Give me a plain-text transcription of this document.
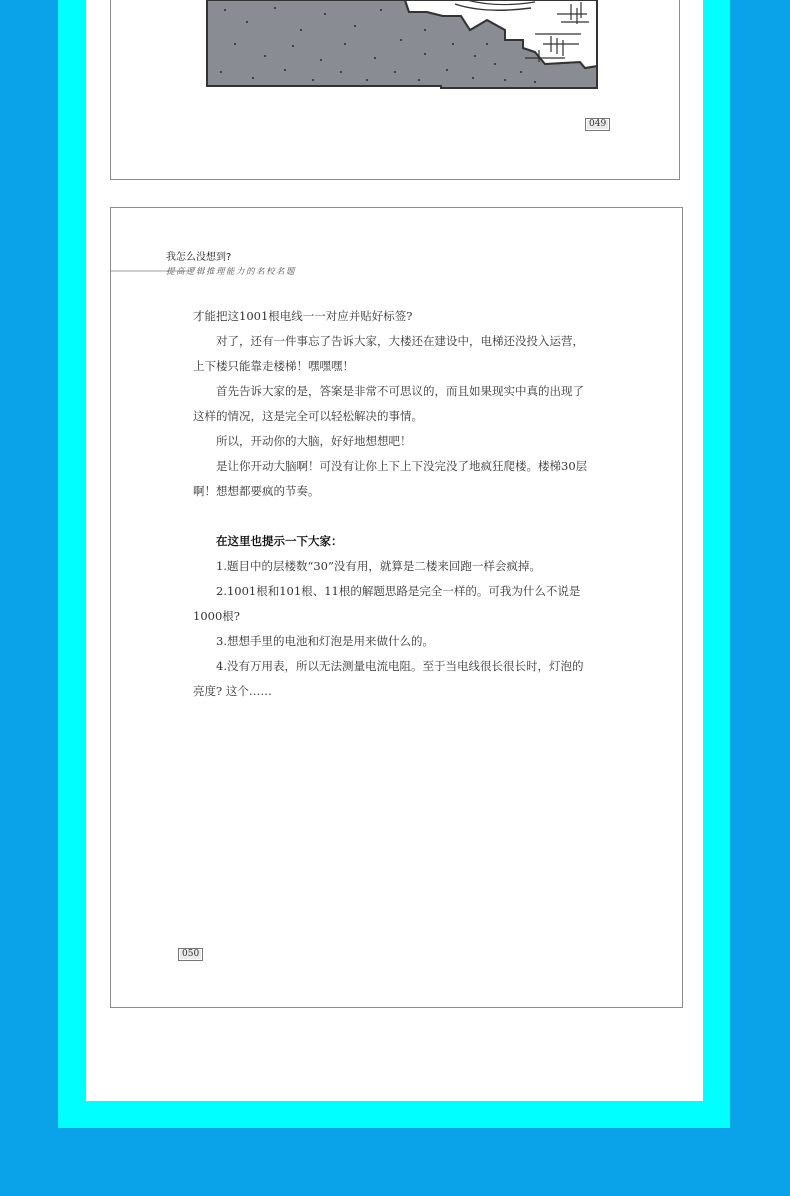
049
我怎么没想到?
提高逻辑推理能力的名校名题

才能把这1001根电线一一对应并贴好标签?

对了，还有一件事忘了告诉大家，大楼还在建设中，电梯还没投入运营，上下楼只能靠走楼梯！嘿嘿嘿！

首先告诉大家的是，答案是非常不可思议的，而且如果现实中真的出现了这样的情况，这是完全可以轻松解决的事情。

所以，开动你的大脑，好好地想想吧！

是让你开动大脑啊！可没有让你上下上下没完没了地疯狂爬楼。楼梯30层啊！想想都要疯的节奏。

在这里也提示一下大家：

1.题目中的层楼数“30”没有用，就算是二楼来回跑一样会疯掉。

2.1001根和101根、11根的解题思路是完全一样的。可我为什么不说是1000根?

3.想想手里的电池和灯泡是用来做什么的。

4.没有万用表，所以无法测量电流电阻。至于当电线很长很长时，灯泡的亮度? 这个……

050
